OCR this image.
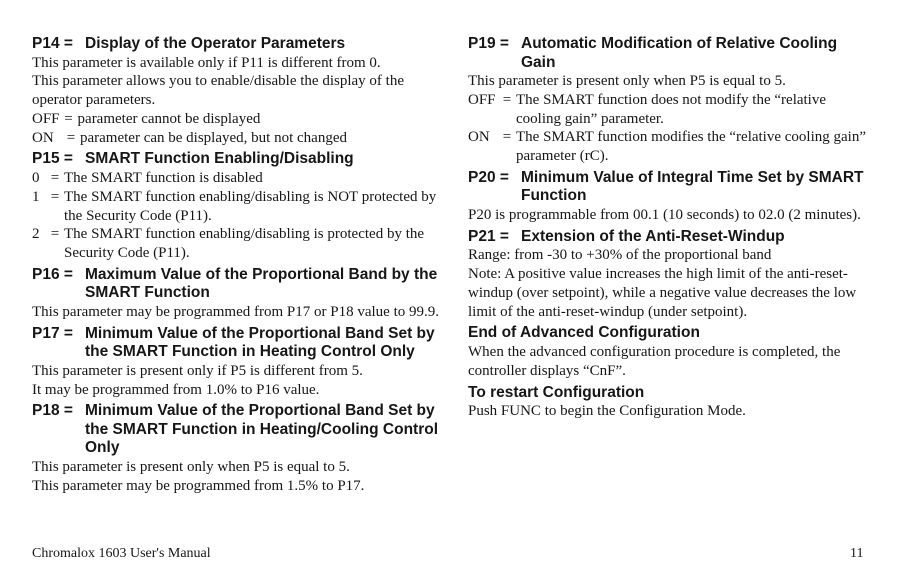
P14 = Display of the Operator Parameters
This parameter is available only if P11 is different from 0.
This parameter allows you to enable/disable the display of the operator parameters.
OFF = parameter cannot be displayed
ON = parameter can be displayed, but not changed
P15 = SMART Function Enabling/Disabling
0 = The SMART function is disabled
1 = The SMART function enabling/disabling is NOT protected by the Security Code (P11).
2 = The SMART function enabling/disabling is protected by the Security Code (P11).
P16 = Maximum Value of the Proportional Band by the SMART Function
This parameter may be programmed from P17 or P18 value to 99.9.
P17 = Minimum Value of the Proportional Band Set by the SMART Function in Heating Control Only
This parameter is present only if P5 is different from 5.
It may be programmed from 1.0% to P16 value.
P18 = Minimum Value of the Proportional Band Set by the SMART Function in Heating/Cooling Control Only
This parameter is present only when P5 is equal to 5.
This parameter may be programmed from 1.5% to P17.
P19 = Automatic Modification of Relative Cooling Gain
This parameter is present only when P5 is equal to 5.
OFF = The SMART function does not modify the “relative cooling gain” parameter.
ON = The SMART function modifies the “relative cooling gain” parameter (rC).
P20 = Minimum Value of Integral Time Set by SMART Function
P20 is programmable from 00.1 (10 seconds) to 02.0 (2 minutes).
P21 = Extension of the Anti-Reset-Windup
Range: from -30 to +30% of the proportional band
Note: A positive value increases the high limit of the anti-reset-windup (over setpoint), while a negative value decreases the low limit of the anti-reset-windup (under setpoint).
End of Advanced Configuration
When the advanced configuration procedure is completed, the controller displays “CnF”.
To restart Configuration
Push FUNC to begin the Configuration Mode.
Chromalox 1603 User's Manual	11
